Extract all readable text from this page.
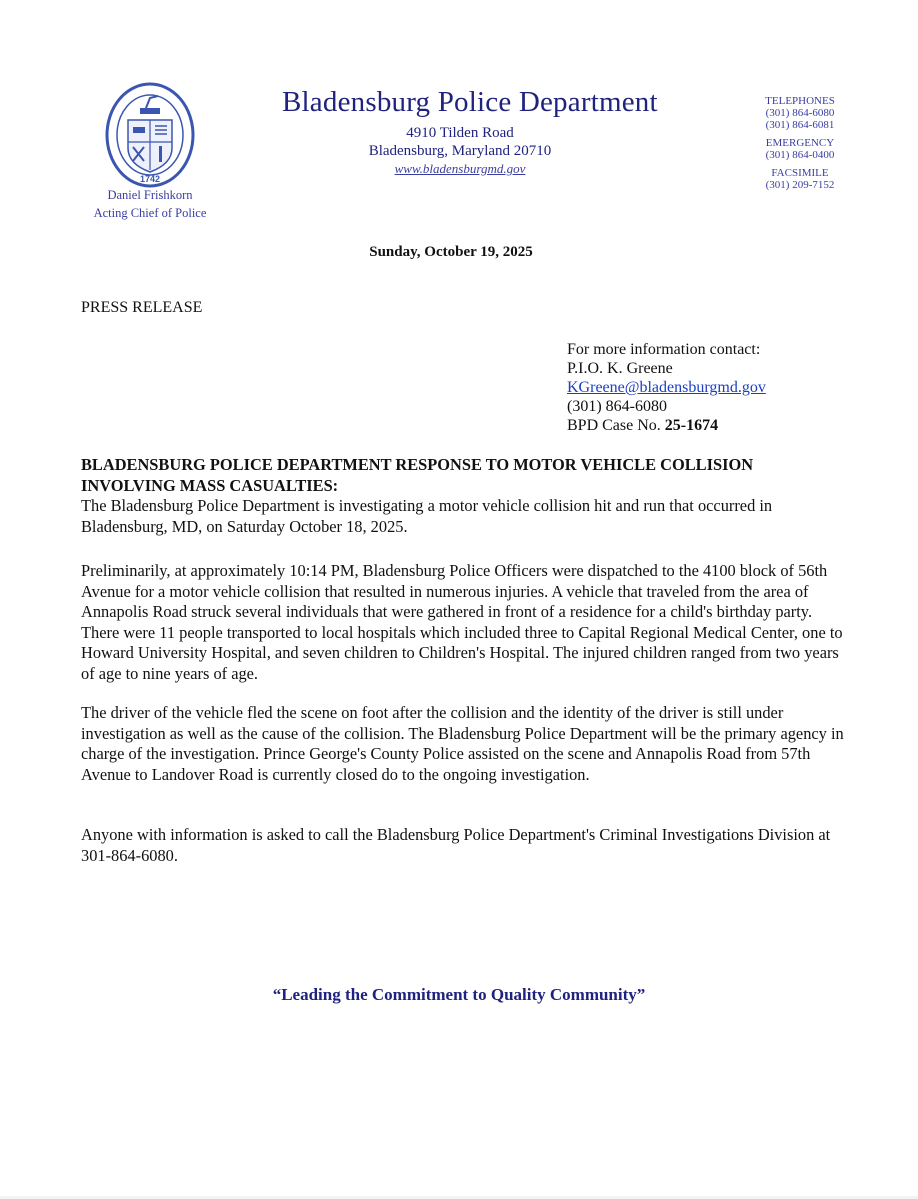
1742
Daniel Frishkorn
Acting Chief of Police
Bladensburg Police Department
4910 Tilden Road
Bladensburg, Maryland 20710
www.bladensburgmd.gov
TELEPHONES
(301) 864-6080
(301) 864-6081
EMERGENCY
(301) 864-0400
FACSIMILE
(301) 209-7152
Sunday, October 19, 2025
PRESS RELEASE
For more information contact:
P.I.O. K. Greene
KGreene@bladensburgmd.gov
(301) 864-6080
BPD Case No. 25-1674
BLADENSBURG POLICE DEPARTMENT RESPONSE TO MOTOR VEHICLE COLLISION INVOLVING MASS CASUALTIES:

The Bladensburg Police Department is investigating a motor vehicle collision hit and run that occurred in Bladensburg, MD, on Saturday October 18, 2025.

Preliminarily, at approximately 10:14 PM, Bladensburg Police Officers were dispatched to the 4100 block of 56th Avenue for a motor vehicle collision that resulted in numerous injuries. A vehicle that traveled from the area of Annapolis Road struck several individuals that were gathered in front of a residence for a child's birthday party. There were 11 people transported to local hospitals which included three to Capital Regional Medical Center, one to Howard University Hospital, and seven children to Children's Hospital. The injured children ranged from two years of age to nine years of age.

The driver of the vehicle fled the scene on foot after the collision and the identity of the driver is still under investigation as well as the cause of the collision. The Bladensburg Police Department will be the primary agency in charge of the investigation. Prince George's County Police assisted on the scene and Annapolis Road from 57th Avenue to Landover Road is currently closed do to the ongoing investigation.

Anyone with information is asked to call the Bladensburg Police Department's Criminal Investigations Division at 301-864-6080.

“Leading the Commitment to Quality Community”
